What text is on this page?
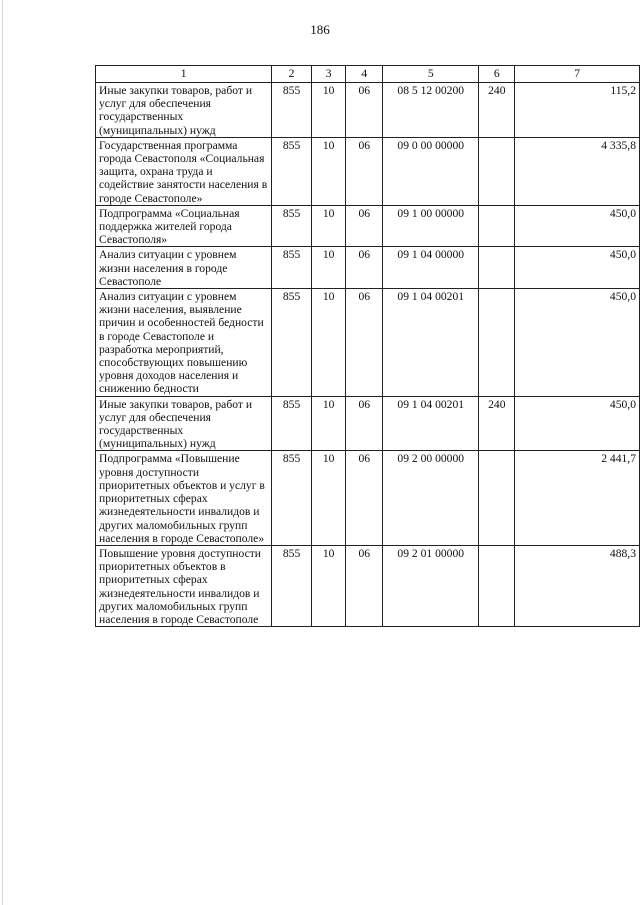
186
1	2	3	4	5	6	7
Иные закупки товаров, работ и услуг для обеспечения государственных (муниципальных) нужд	855	10	06	08 5 12 00200	240	115,2
Государственная программа города Севастополя «Социальная защита, охрана труда и содействие занятости населения в городе Севастополе»	855	10	06	09 0 00 00000		4 335,8
Подпрограмма «Социальная поддержка жителей города Севастополя»	855	10	06	09 1 00 00000		450,0
Анализ ситуации с уровнем жизни населения в городе Севастополе	855	10	06	09 1 04 00000		450,0
Анализ ситуации с уровнем жизни населения, выявление причин и особенностей бедности в городе Севастополе и разработка мероприятий, способствующих повышению уровня доходов населения и снижению бедности	855	10	06	09 1 04 00201		450,0
Иные закупки товаров, работ и услуг для обеспечения государственных (муниципальных) нужд	855	10	06	09 1 04 00201	240	450,0
Подпрограмма «Повышение уровня доступности приоритетных объектов и услуг в приоритетных сферах жизнедеятельности инвалидов и других маломобильных групп населения в городе Севастополе»	855	10	06	09 2 00 00000		2 441,7
Повышение уровня доступности приоритетных объектов в приоритетных сферах жизнедеятельности инвалидов и других маломобильных групп населения в городе Севастополе	855	10	06	09 2 01 00000		488,3
